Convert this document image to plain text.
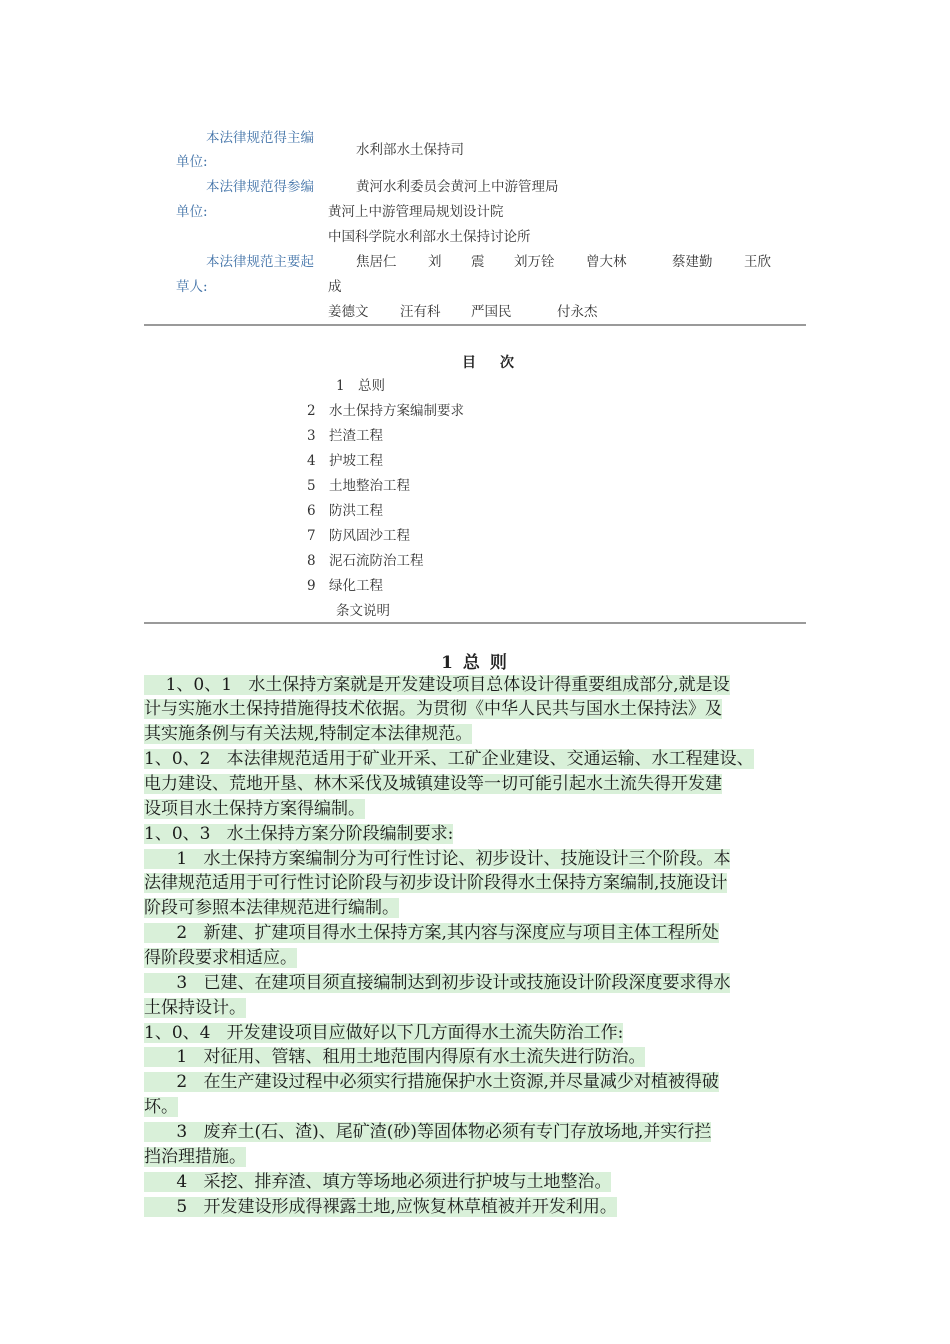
本法律规范得主编
单位:
水利部水土保持司
本法律规范得参编
单位:
黄河水利委员会黄河上中游管理局
黄河上中游管理局规划设计院
中国科学院水利部水土保持讨论所
本法律规范主要起
草人:
焦居仁 刘 震 刘万铨 曾大林	蔡建勤 王欣
成
姜德文 汪有科 严国民	付永杰
目次
1 总则
2 水土保持方案编制要求
3 拦渣工程
4 护坡工程
5 土地整治工程
6 防洪工程
7 防风固沙工程
8 泥石流防治工程
9 绿化工程
条文说明
1 总 则
1、0、1   水土保持方案就是开发建设项目总体设计得重要组成部分,就是设
计与实施水土保持措施得技术依据。为贯彻《中华人民共与国水土保持法》及
其实施条例与有关法规,特制定本法律规范。
1、0、2   本法律规范适用于矿业开采、工矿企业建设、交通运输、水工程建设、
电力建设、荒地开垦、林木采伐及城镇建设等一切可能引起水土流失得开发建
设项目水土保持方案得编制。
1、0、3   水土保持方案分阶段编制要求:
1   水土保持方案编制分为可行性讨论、初步设计、技施设计三个阶段。本
法律规范适用于可行性讨论阶段与初步设计阶段得水土保持方案编制,技施设计
阶段可参照本法律规范进行编制。
2   新建、扩建项目得水土保持方案,其内容与深度应与项目主体工程所处
得阶段要求相适应。
3   已建、在建项目须直接编制达到初步设计或技施设计阶段深度要求得水
土保持设计。
1、0、4   开发建设项目应做好以下几方面得水土流失防治工作:
1   对征用、管辖、租用土地范围内得原有水土流失进行防治。
2   在生产建设过程中必须实行措施保护水土资源,并尽量减少对植被得破
坏。
3   废弃土(石、渣)、尾矿渣(砂)等固体物必须有专门存放场地,并实行拦
挡治理措施。
4   采挖、排弃渣、填方等场地必须进行护坡与土地整治。
5   开发建设形成得裸露土地,应恢复林草植被并开发利用。
